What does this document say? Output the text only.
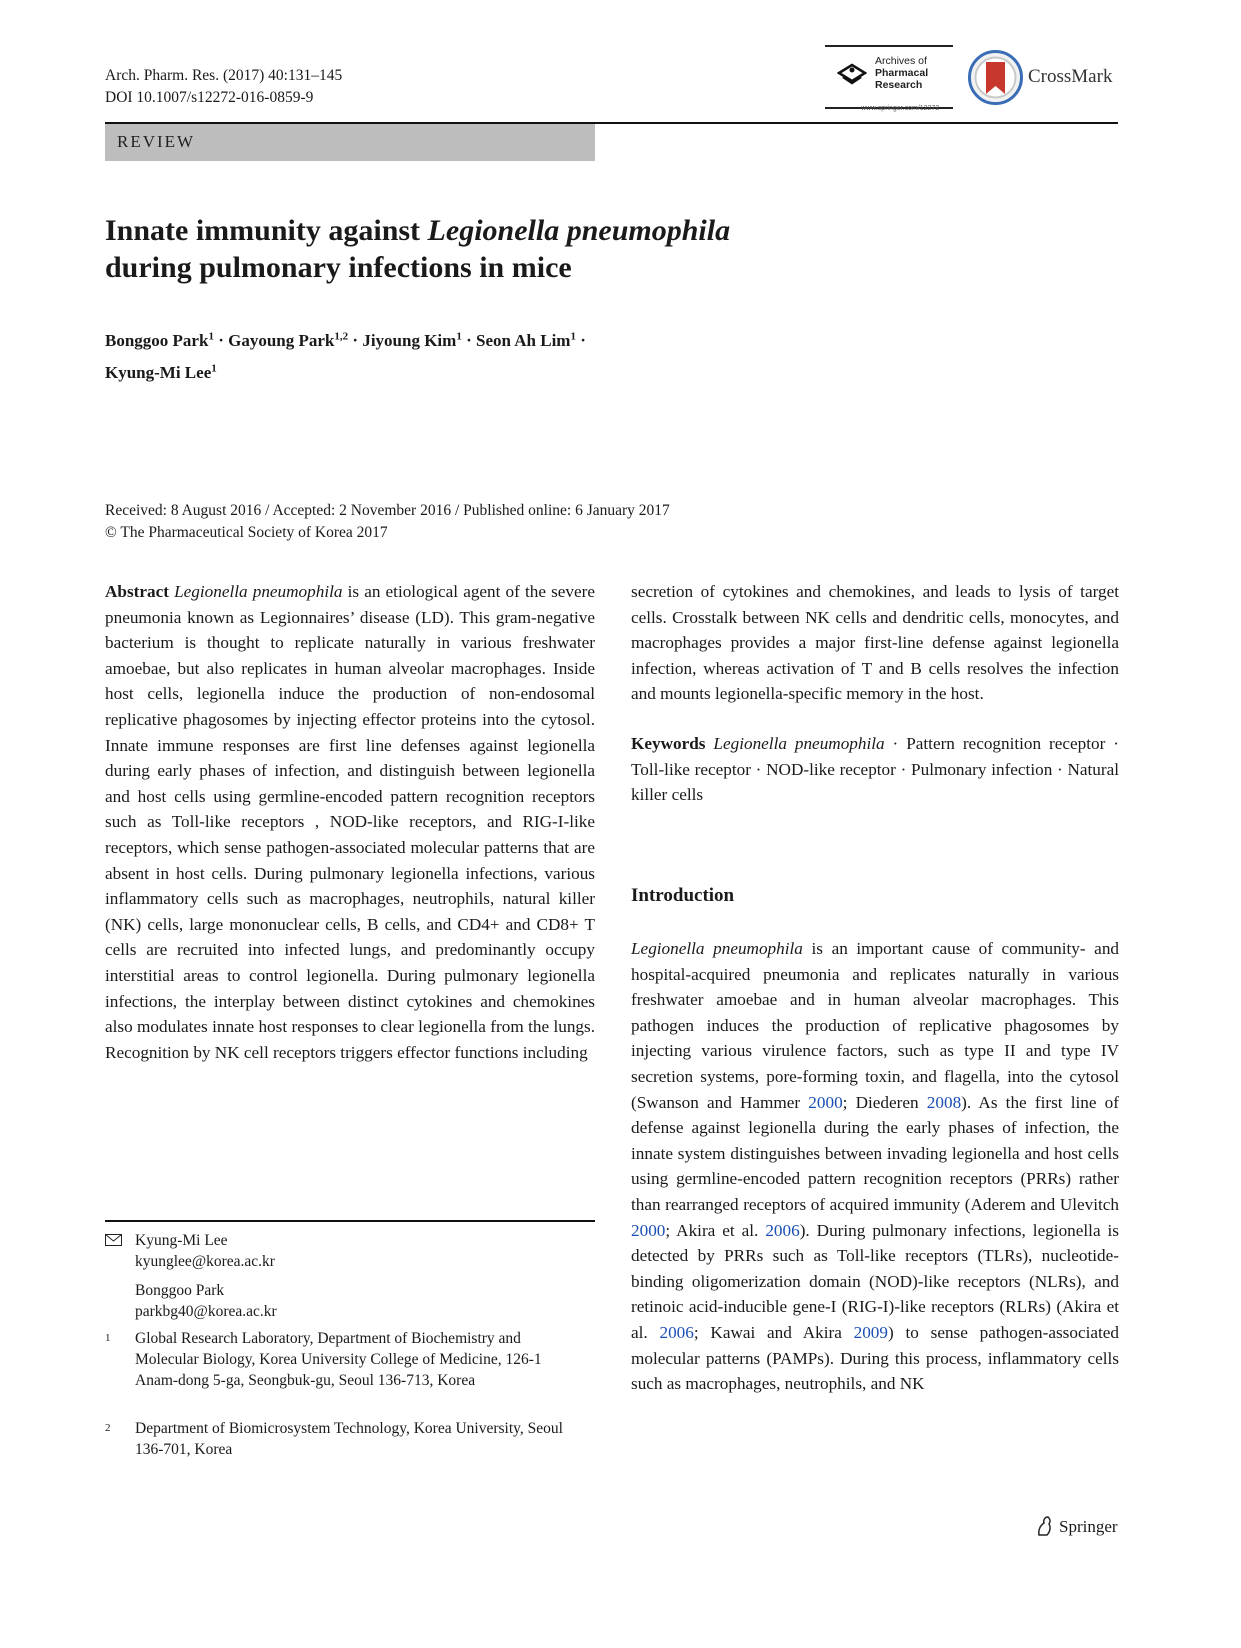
Arch. Pharm. Res. (2017) 40:131–145
DOI 10.1007/s12272-016-0859-9
Archives of
Pharmacal
Research
www.springer.com/12272
CrossMark
REVIEW
Innate immunity against Legionella pneumophila
during pulmonary infections in mice
Bonggoo Park$^1$ · Gayoung Park$^{1,2}$ · Jiyoung Kim$^1$ · Seon Ah Lim$^1$ ·
Kyung-Mi Lee$^1$
Received: 8 August 2016 / Accepted: 2 November 2016 / Published online: 6 January 2017
© The Pharmaceutical Society of Korea 2017
Abstract Legionella pneumophila is an etiological agent of the severe pneumonia known as Legionnaires’ disease (LD). This gram-negative bacterium is thought to replicate naturally in various freshwater amoebae, but also replicates in human alveolar macrophages. Inside host cells, legionella induce the production of non-endosomal replicative phagosomes by injecting effector proteins into the cytosol. Innate immune responses are first line defenses against legionella during early phases of infection, and distinguish between legionella and host cells using germline-encoded pattern recognition receptors such as Toll-like receptors , NOD-like receptors, and RIG-I-like receptors, which sense pathogen-associated molecular patterns that are absent in host cells. During pulmonary legionella infections, various inflammatory cells such as macrophages, neutrophils, natural killer (NK) cells, large mononuclear cells, B cells, and CD4+ and CD8+ T cells are recruited into infected lungs, and predominantly occupy interstitial areas to control legionella. During pulmonary legionella infections, the interplay between distinct cytokines and chemokines also modulates innate host responses to clear legionella from the lungs. Recognition by NK cell receptors triggers effector functions including
secretion of cytokines and chemokines, and leads to lysis of target cells. Crosstalk between NK cells and dendritic cells, monocytes, and macrophages provides a major first-line defense against legionella infection, whereas activation of T and B cells resolves the infection and mounts legionella-specific memory in the host.
Keywords Legionella pneumophila · Pattern recognition receptor · Toll-like receptor · NOD-like receptor · Pulmonary infection · Natural killer cells
Introduction
Legionella pneumophila is an important cause of community- and hospital-acquired pneumonia and replicates naturally in various freshwater amoebae and in human alveolar macrophages. This pathogen induces the production of replicative phagosomes by injecting various virulence factors, such as type II and type IV secretion systems, pore-forming toxin, and flagella, into the cytosol (Swanson and Hammer 2000; Diederen 2008). As the first line of defense against legionella during the early phases of infection, the innate system distinguishes between invading legionella and host cells using germline-encoded pattern recognition receptors (PRRs) rather than rearranged receptors of acquired immunity (Aderem and Ulevitch 2000; Akira et al. 2006). During pulmonary infections, legionella is detected by PRRs such as Toll-like receptors (TLRs), nucleotide-binding oligomerization domain (NOD)-like receptors (NLRs), and retinoic acid-inducible gene-I (RIG-I)-like receptors (RLRs) (Akira et al. 2006; Kawai and Akira 2009) to sense pathogen-associated molecular patterns (PAMPs). During this process, inflammatory cells such as macrophages, neutrophils, and NK
Kyung-Mi Lee
kyunglee@korea.ac.kr
Bonggoo Park
parkbg40@korea.ac.kr
1 Global Research Laboratory, Department of Biochemistry and Molecular Biology, Korea University College of Medicine, 126-1 Anam-dong 5-ga, Seongbuk-gu, Seoul 136-713, Korea
2 Department of Biomicrosystem Technology, Korea University, Seoul 136-701, Korea
Springer
